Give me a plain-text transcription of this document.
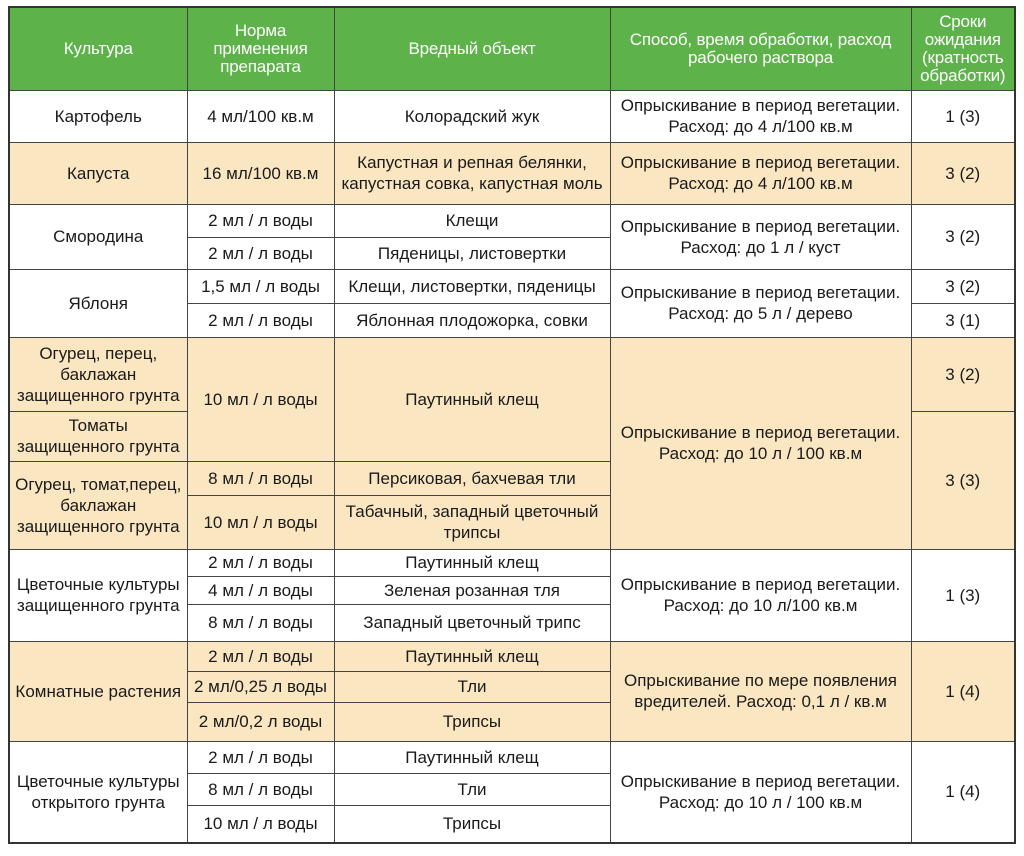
Культура	Норма применения препарата	Вредный объект	Способ, время обработки, расход рабочего раствора	Сроки ожидания (кратность обработки)
Картофель	4 мл/100 кв.м	Колорадский жук	Опрыскивание в период вегетации. Расход: до 4 л/100 кв.м	1 (3)
Капуста	16 мл/100 кв.м	Капустная и репная белянки, капустная совка, капустная моль	Опрыскивание в период вегетации. Расход: до 4 л/100 кв.м	3 (2)
Смородина	2 мл / л воды	Клещи	Опрыскивание в период вегетации. Расход: до 1 л / куст	3 (2)
	2 мл / л воды	Пяденицы, листовертки		
Яблоня	1,5 мл / л воды	Клещи, листовертки, пяденицы	Опрыскивание в период вегетации. Расход: до 5 л / дерево	3 (2)
	2 мл / л воды	Яблонная плодожорка, совки		3 (1)
Огурец, перец, баклажан защищенного грунта	10 мл / л воды	Паутинный клещ	Опрыскивание в период вегетации. Расход: до 10 л / 100 кв.м	3 (2)
Томаты защищенного грунта				3 (3)
Огурец, томат,перец, баклажан защищенного грунта	8 мл / л воды	Персиковая, бахчевая тли		
	10 мл / л воды	Табачный, западный цветочный трипсы		
Цветочные культуры защищенного грунта	2 мл / л воды	Паутинный клещ	Опрыскивание в период вегетации. Расход: до 10 л/100 кв.м	1 (3)
	4 мл / л воды	Зеленая розанная тля		
	8 мл / л воды	Западный цветочный трипс		
Комнатные растения	2 мл / л воды	Паутинный клещ	Опрыскивание по мере появления вредителей. Расход: 0,1 л / кв.м	1 (4)
	2 мл/0,25 л воды	Тли		
	2 мл/0,2 л воды	Трипсы		
Цветочные культуры открытого грунта	2 мл / л воды	Паутинный клещ	Опрыскивание в период вегетации. Расход: до 10 л / 100 кв.м	1 (4)
	8 мл / л воды	Тли		
	10 мл / л воды	Трипсы		
